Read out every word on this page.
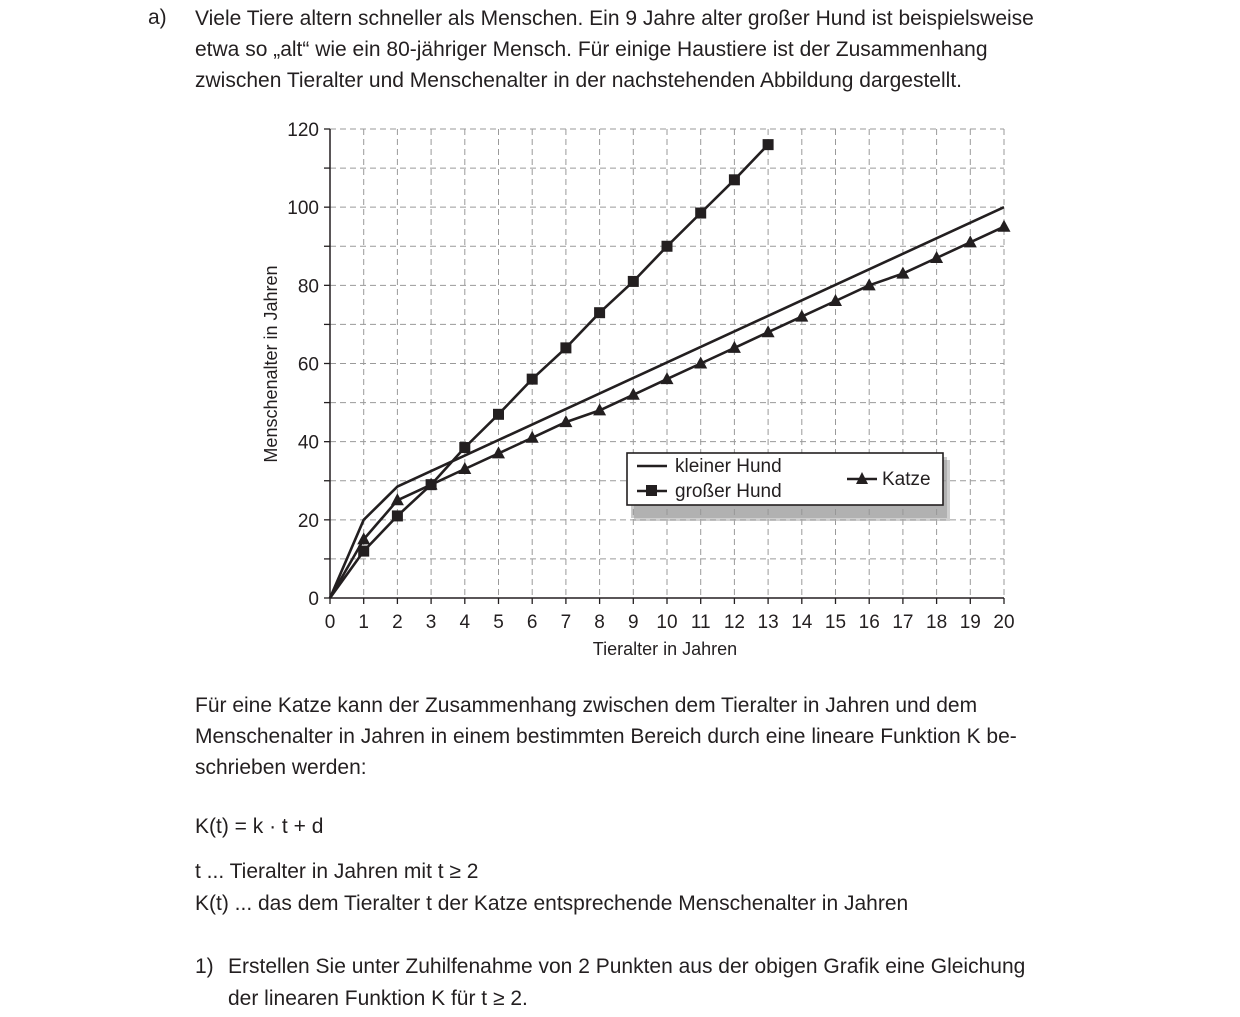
a) Viele Tiere altern schneller als Menschen. Ein 9 Jahre alter großer Hund ist beispielsweise
etwa so „alt“ wie ein 80-jähriger Mensch. Für einige Haustiere ist der Zusammenhang
zwischen Tieralter und Menschenalter in der nachstehenden Abbildung dargestellt.

0 1 2 3 4 5 6 7 8 9 10 11 12 13 14 15 16 17 18 19 20
0
20
40
60
80
100
120
Tieralter in Jahren
Menschenalter in Jahren
kleiner Hund
großer Hund
Katze

Für eine Katze kann der Zusammenhang zwischen dem Tieralter in Jahren und dem
Menschenalter in Jahren in einem bestimmten Bereich durch eine lineare Funktion K be-
schrieben werden:

K(t) = k · t + d
t ... Tieralter in Jahren mit t ≥ 2
K(t) ... das dem Tieralter t der Katze entsprechende Menschenalter in Jahren
1) Erstellen Sie unter Zuhilfenahme von 2 Punkten aus der obigen Grafik eine Gleichung
der linearen Funktion K für t ≥ 2.
